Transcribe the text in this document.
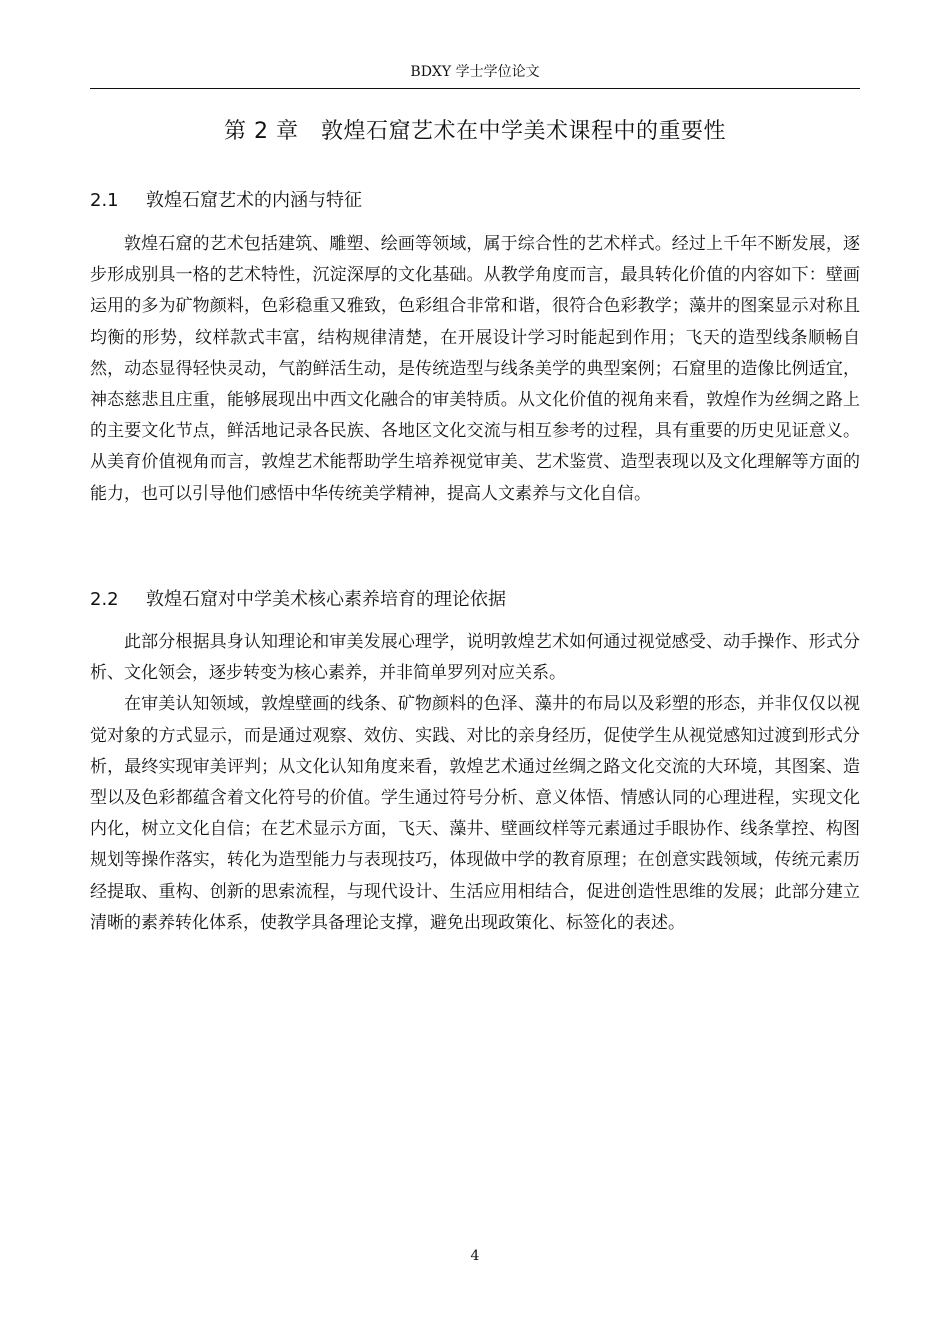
BDXY 学士学位论文
第 2 章　敦煌石窟艺术在中学美术课程中的重要性
2.1 敦煌石窟艺术的内涵与特征

敦煌石窟的艺术包括建筑、雕塑、绘画等领域，属于综合性的艺术样式。经过上千年不断发展，逐步形成别具一格的艺术特性，沉淀深厚的文化基础。从教学角度而言，最具转化价值的内容如下：壁画运用的多为矿物颜料，色彩稳重又雅致，色彩组合非常和谐，很符合色彩教学；藻井的图案显示对称且均衡的形势，纹样款式丰富，结构规律清楚，在开展设计学习时能起到作用；飞天的造型线条顺畅自然，动态显得轻快灵动，气韵鲜活生动，是传统造型与线条美学的典型案例；石窟里的造像比例适宜，神态慈悲且庄重，能够展现出中西文化融合的审美特质。从文化价值的视角来看，敦煌作为丝绸之路上的主要文化节点，鲜活地记录各民族、各地区文化交流与相互参考的过程，具有重要的历史见证意义。从美育价值视角而言，敦煌艺术能帮助学生培养视觉审美、艺术鉴赏、造型表现以及文化理解等方面的能力，也可以引导他们感悟中华传统美学精神，提高人文素养与文化自信。

2.2 敦煌石窟对中学美术核心素养培育的理论依据

此部分根据具身认知理论和审美发展心理学，说明敦煌艺术如何通过视觉感受、动手操作、形式分析、文化领会，逐步转变为核心素养，并非简单罗列对应关系。

在审美认知领域，敦煌壁画的线条、矿物颜料的色泽、藻井的布局以及彩塑的形态，并非仅仅以视觉对象的方式显示，而是通过观察、效仿、实践、对比的亲身经历，促使学生从视觉感知过渡到形式分析，最终实现审美评判；从文化认知角度来看，敦煌艺术通过丝绸之路文化交流的大环境，其图案、造型以及色彩都蕴含着文化符号的价值。学生通过符号分析、意义体悟、情感认同的心理进程，实现文化内化，树立文化自信；在艺术显示方面，飞天、藻井、壁画纹样等元素通过手眼协作、线条掌控、构图规划等操作落实，转化为造型能力与表现技巧，体现做中学的教育原理；在创意实践领域，传统元素历经提取、重构、创新的思索流程，与现代设计、生活应用相结合，促进创造性思维的发展；此部分建立清晰的素养转化体系，使教学具备理论支撑，避免出现政策化、标签化的表述。

4
